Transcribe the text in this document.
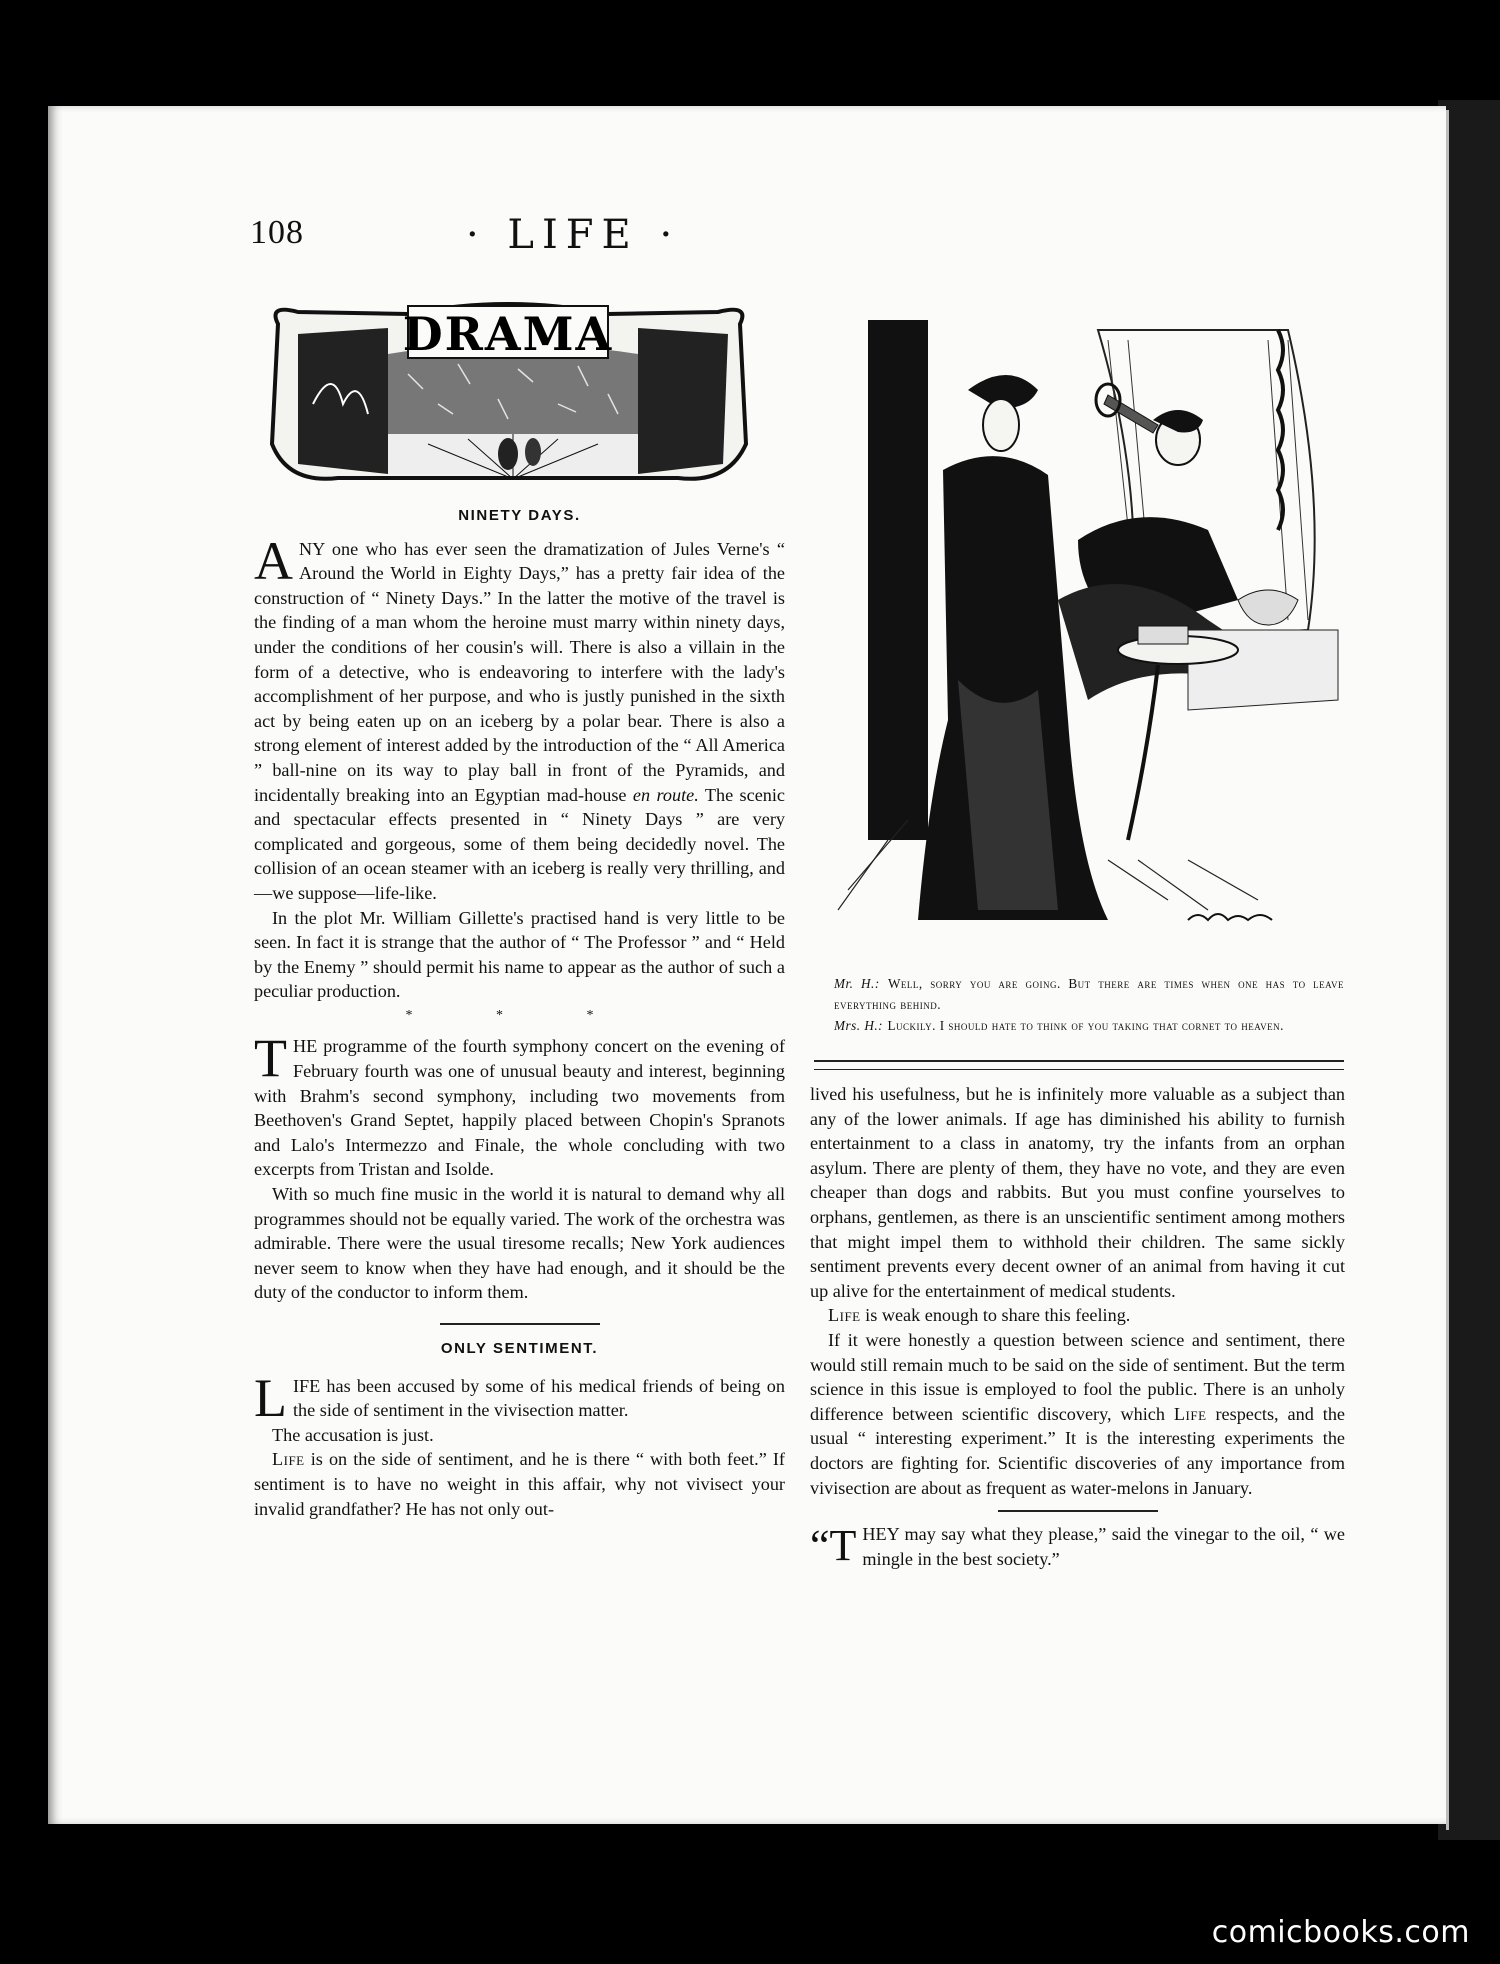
108	· LIFE ·
DRAMA

NINETY DAYS.

A NY one who has ever seen the dramatization of Jules Verne's “ Around the World in Eighty Days,” has a pretty fair idea of the construction of “ Ninety Days.” In the latter the motive of the travel is the finding of a man whom the heroine must marry within ninety days, under the conditions of her cousin's will. There is also a villain in the form of a detective, who is endeavoring to interfere with the lady's accomplishment of her purpose, and who is justly punished in the sixth act by being eaten up on an iceberg by a polar bear. There is also a strong element of interest added by the introduction of the “ All America ” ball-nine on its way to play ball in front of the Pyramids, and incidentally breaking into an Egyptian mad-house en route. The scenic and spectacular effects presented in “ Ninety Days ” are very complicated and gorgeous, some of them being decidedly novel. The collision of an ocean steamer with an iceberg is really very thrilling, and—we suppose—life-like.

In the plot Mr. William Gillette's practised hand is very little to be seen. In fact it is strange that the author of “ The Professor ” and “ Held by the Enemy ” should permit his name to appear as the author of such a peculiar production.

* * *

T HE programme of the fourth symphony concert on the evening of February fourth was one of unusual beauty and interest, beginning with Brahm's second symphony, including two movements from Beethoven's Grand Septet, happily placed between Chopin's Spranots and Lalo's Intermezzo and Finale, the whole concluding with two excerpts from Tristan and Isolde.

With so much fine music in the world it is natural to demand why all programmes should not be equally varied. The work of the orchestra was admirable. There were the usual tiresome recalls; New York audiences never seem to know when they have had enough, and it should be the duty of the conductor to inform them.

ONLY SENTIMENT.

L IFE has been accused by some of his medical friends of being on the side of sentiment in the vivisection matter.

The accusation is just.

Life is on the side of sentiment, and he is there “ with both feet.” If sentiment is to have no weight in this affair, why not vivisect your invalid grandfather? He has not only out-

Mr. H.: Well, sorry you are going. But there are times when one has to leave everything behind.

Mrs. H.: Luckily. I should hate to think of you taking that cornet to heaven.

lived his usefulness, but he is infinitely more valuable as a subject than any of the lower animals. If age has diminished his ability to furnish entertainment to a class in anatomy, try the infants from an orphan asylum. There are plenty of them, they have no vote, and they are even cheaper than dogs and rabbits. But you must confine yourselves to orphans, gentlemen, as there is an unscientific sentiment among mothers that might impel them to withhold their children. The same sickly sentiment prevents every decent owner of an animal from having it cut up alive for the entertainment of medical students.

Life is weak enough to share this feeling.

If it were honestly a question between science and sentiment, there would still remain much to be said on the side of sentiment. But the term science in this issue is employed to fool the public. There is an unholy difference between scientific discovery, which Life respects, and the usual “ interesting experiment.” It is the interesting experiments the doctors are fighting for. Scientific discoveries of any importance from vivisection are about as frequent as water-melons in January.

“T HEY may say what they please,” said the vinegar to the oil, “ we mingle in the best society.”

comicbooks.com
